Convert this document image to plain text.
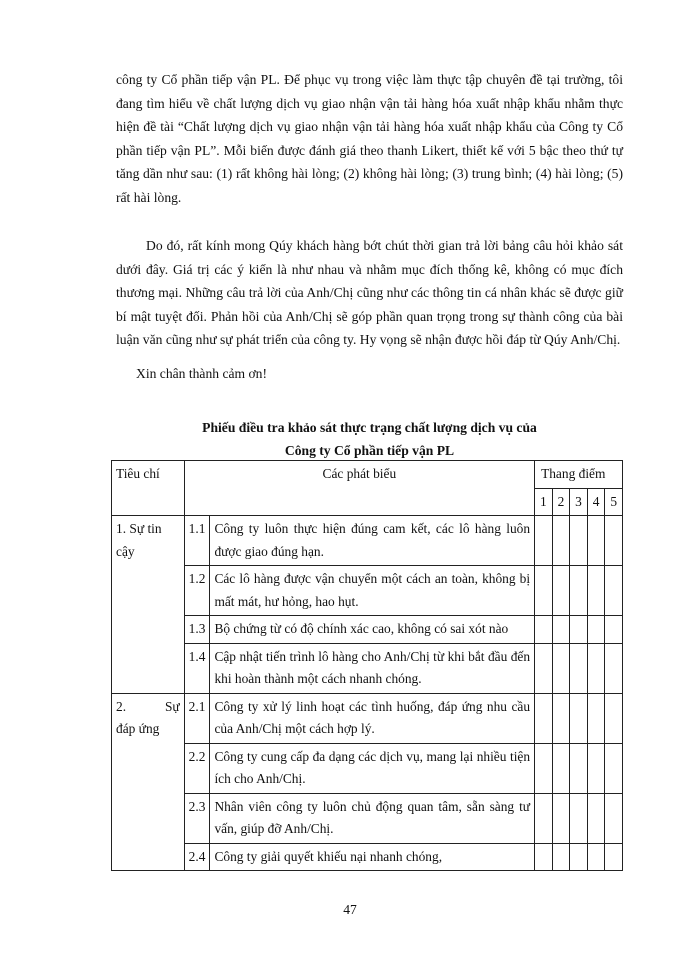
công ty Cổ phần tiếp vận PL. Để phục vụ trong việc làm thực tập chuyên đề tại trường, tôi đang tìm hiểu về chất lượng dịch vụ giao nhận vận tải hàng hóa xuất nhập khẩu nhằm thực hiện đề tài “Chất lượng dịch vụ giao nhận vận tải hàng hóa xuất nhập khẩu của Công ty Cổ phần tiếp vận PL”. Mỗi biến được đánh giá theo thanh Likert, thiết kế với 5 bậc theo thứ tự tăng dần như sau: (1) rất không hài lòng; (2) không hài lòng; (3) trung bình; (4) hài lòng; (5) rất hài lòng.

Do đó, rất kính mong Qúy khách hàng bớt chút thời gian trả lời bảng câu hỏi khảo sát dưới đây. Giá trị các ý kiến là như nhau và nhằm mục đích thống kê, không có mục đích thương mại. Những câu trả lời của Anh/Chị cũng như các thông tin cá nhân khác sẽ được giữ bí mật tuyệt đối. Phản hồi của Anh/Chị sẽ góp phần quan trọng trong sự thành công của bài luận văn cũng như sự phát triển của công ty. Hy vọng sẽ nhận được hồi đáp từ Qúy Anh/Chị.

Xin chân thành cảm ơn!

Phiếu điều tra khảo sát thực trạng chất lượng dịch vụ của

Công ty Cổ phần tiếp vận PL

Tiêu chí	Các phát biểu		Thang điểm				
			1	2	3	4	5

1. Sự tin
cậy	1.1	Công ty luôn thực hiện đúng cam kết, các lô hàng luôn được giao đúng hạn.					
	1.2	Các lô hàng được vận chuyển một cách an toàn, không bị mất mát, hư hỏng, hao hụt.					
	1.3	Bộ chứng từ có độ chính xác cao, không có sai xót nào					
	1.4	Cập nhật tiến trình lô hàng cho Anh/Chị từ khi bắt đầu đến khi hoàn thành một cách nhanh chóng.					

2. Sự
đáp ứng	2.1	Công ty xử lý linh hoạt các tình huống, đáp ứng nhu cầu của Anh/Chị một cách hợp lý.					
	2.2	Công ty cung cấp đa dạng các dịch vụ, mang lại nhiều tiện ích cho Anh/Chị.					
	2.3	Nhân viên công ty luôn chủ động quan tâm, sẵn sàng tư vấn, giúp đỡ Anh/Chị.					
	2.4	Công ty giải quyết khiếu nại nhanh chóng,					

47
